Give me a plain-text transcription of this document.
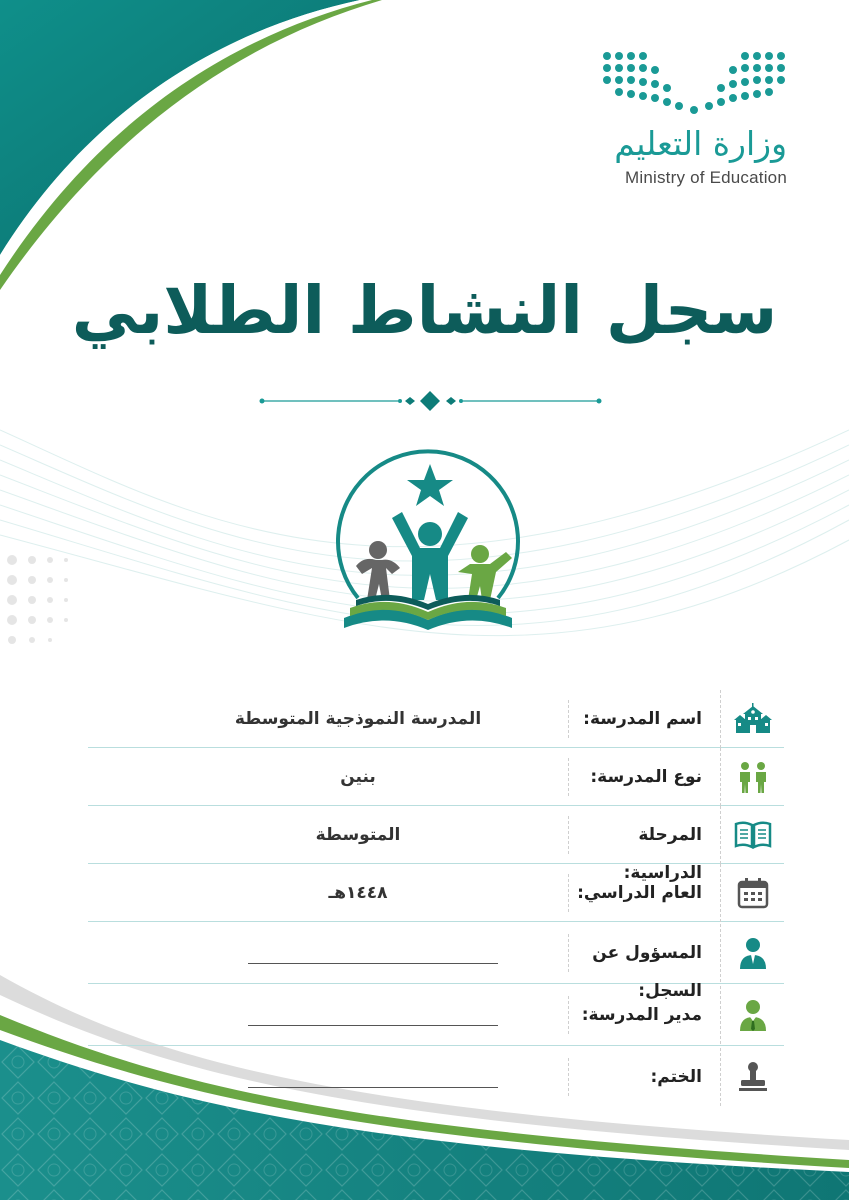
وزارة التعليم
Ministry of Education
سجل النشاط الطلابي
اسم المدرسة:
المدرسة النموذجية المتوسطة
نوع المدرسة:
بنين
المرحلة الدراسية:
المتوسطة
العام الدراسي:
١٤٤٨هـ
المسؤول عن السجل:
مدير المدرسة:
الختم:
